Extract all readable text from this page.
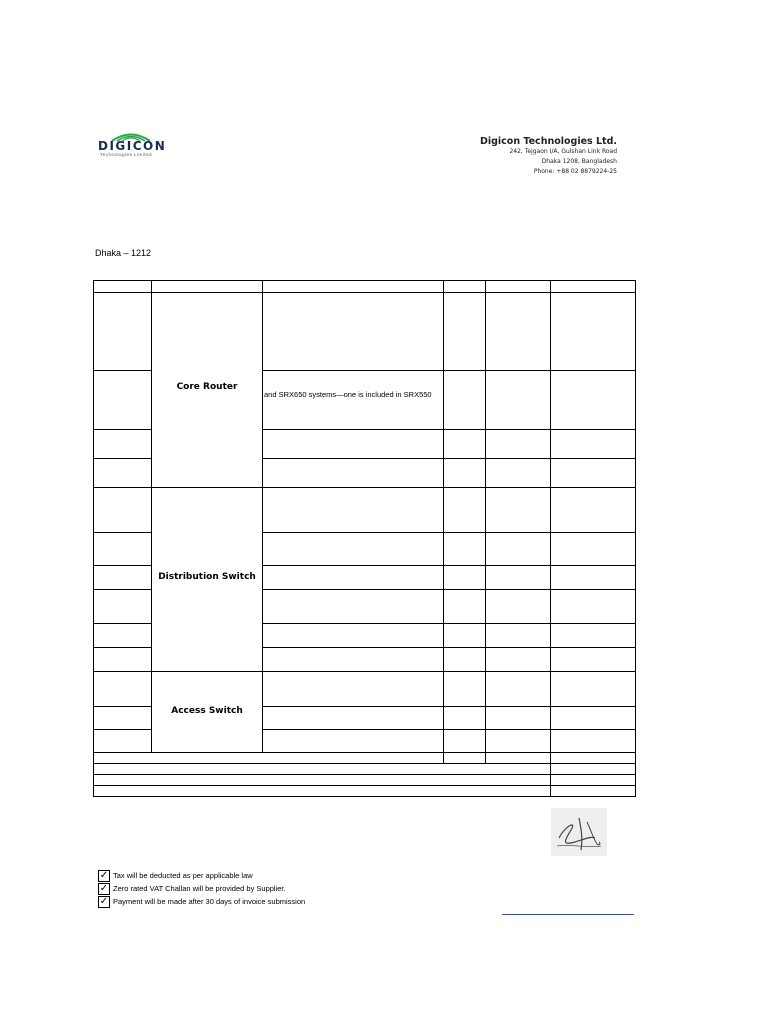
DIGICON
Technologies Limited
Digicon Technologies Ltd.
242, Tejgaon I/A, Gulshan Link Road
Dhaka 1208, Bangladesh
Phone: +88 02 8879224-25
Dhaka – 1212
Core Router
Distribution Switch
Access Switch
and SRX650 systems—one is included in SRX550
✓ Tax will be deducted as per applicable law
✓ Zero rated VAT Challan will be provided by Supplier.
✓ Payment will be made after 30 days of invoice submission
